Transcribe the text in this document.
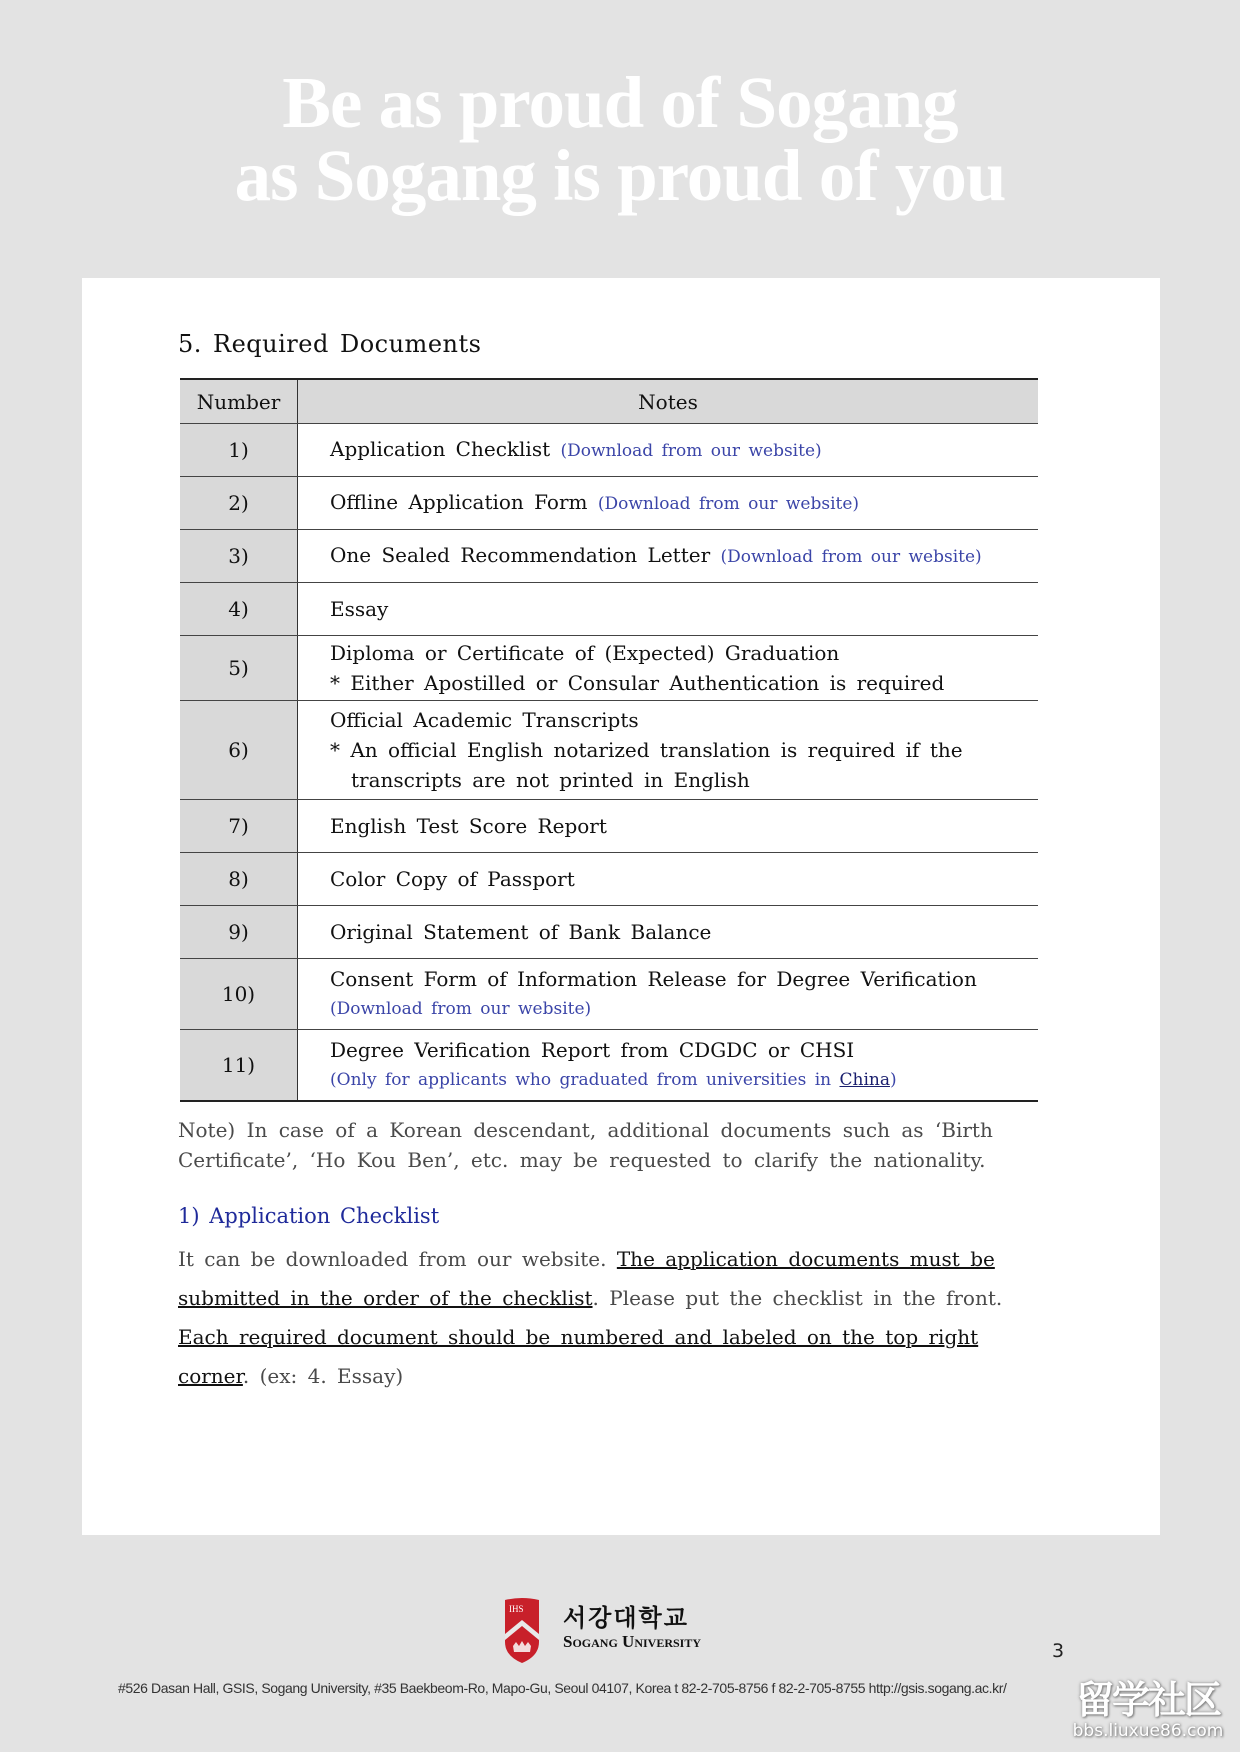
Be as proud of Sogang
as Sogang is proud of you
5. Required Documents
Number	Notes
1)	Application Checklist (Download from our website)
2)	Offline Application Form (Download from our website)
3)	One Sealed Recommendation Letter (Download from our website)
4)	Essay
5)	Diploma or Certificate of (Expected) Graduation
* Either Apostilled or Consular Authentication is required

6)	Official Academic Transcripts
* An official English notarized translation is required if the
transcripts are not printed in English

7)	English Test Score Report
8)	Color Copy of Passport
9)	Original Statement of Bank Balance
10)	Consent Form of Information Release for Degree Verification
(Download from our website)

11)	Degree Verification Report from CDGDC or CHSI
(Only for applicants who graduated from universities in China)
Note) In case of a Korean descendant, additional documents such as ‘Birth
Certificate’, ‘Ho Kou Ben’, etc. may be requested to clarify the nationality.
1) Application Checklist
It can be downloaded from our website. The application documents must be submitted in the order of the checklist. Please put the checklist in the front. Each required document should be numbered and labeled on the top right corner. (ex: 4. Essay)
IHS 서강대학교
Sogang University	3
#526 Dasan Hall, GSIS, Sogang University, #35 Baekbeom-Ro, Mapo-Gu, Seoul 04107, Korea t 82-2-705-8756 f 82-2-705-8755 http://gsis.sogang.ac.kr/ 留学社区
bbs.liuxue86.com
